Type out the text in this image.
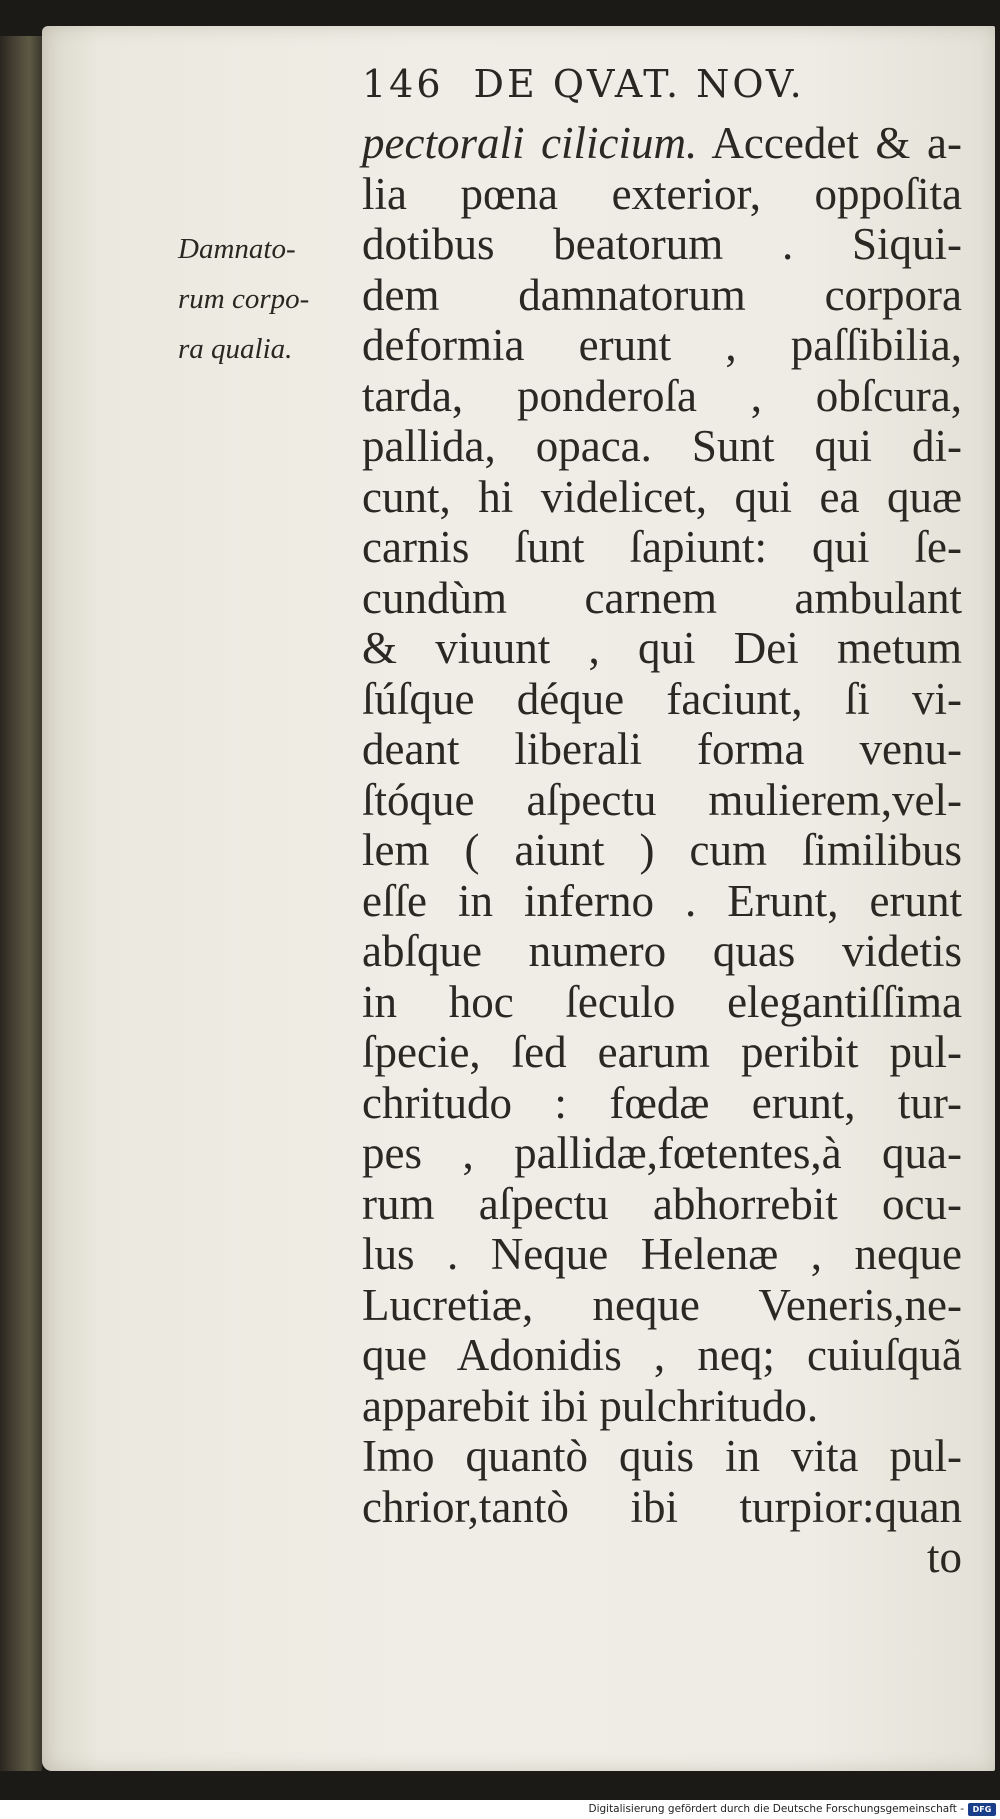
146 DE QVAT. NOV.
Damnato-
rum corpo-
ra qualia.
pectorali cilicium. Accedet & a-
lia pœna exterior, oppoſita
dotibus beatorum . Siqui-
dem damnatorum corpora
deformia erunt , paſſibilia,
tarda, ponderoſa , obſcura,
pallida, opaca. Sunt qui di-
cunt, hi videlicet, qui ea quæ
carnis ſunt ſapiunt: qui ſe-
cundùm carnem ambulant
& viuunt , qui Dei metum
ſúſque déque faciunt, ſi vi-
deant liberali forma venu-
ſtóque aſpectu mulierem,vel-
lem ( aiunt ) cum ſimilibus
eſſe in inferno . Erunt, erunt
abſque numero quas videtis
in hoc ſeculo elegantiſſima
ſpecie, ſed earum peribit pul-
chritudo : fœdæ erunt, tur-
pes , pallidæ,fœtentes,à qua-
rum aſpectu abhorrebit ocu-
lus . Neque Helenæ , neque
Lucretiæ, neque Veneris,ne-
que Adonidis , neq; cuiuſquã
apparebit ibi pulchritudo.
Imo quantò quis in vita pul-
chrior,tantò ibi turpior:quan
to
Digitalisierung gefördert durch die Deutsche Forschungsgemeinschaft -	DFG
